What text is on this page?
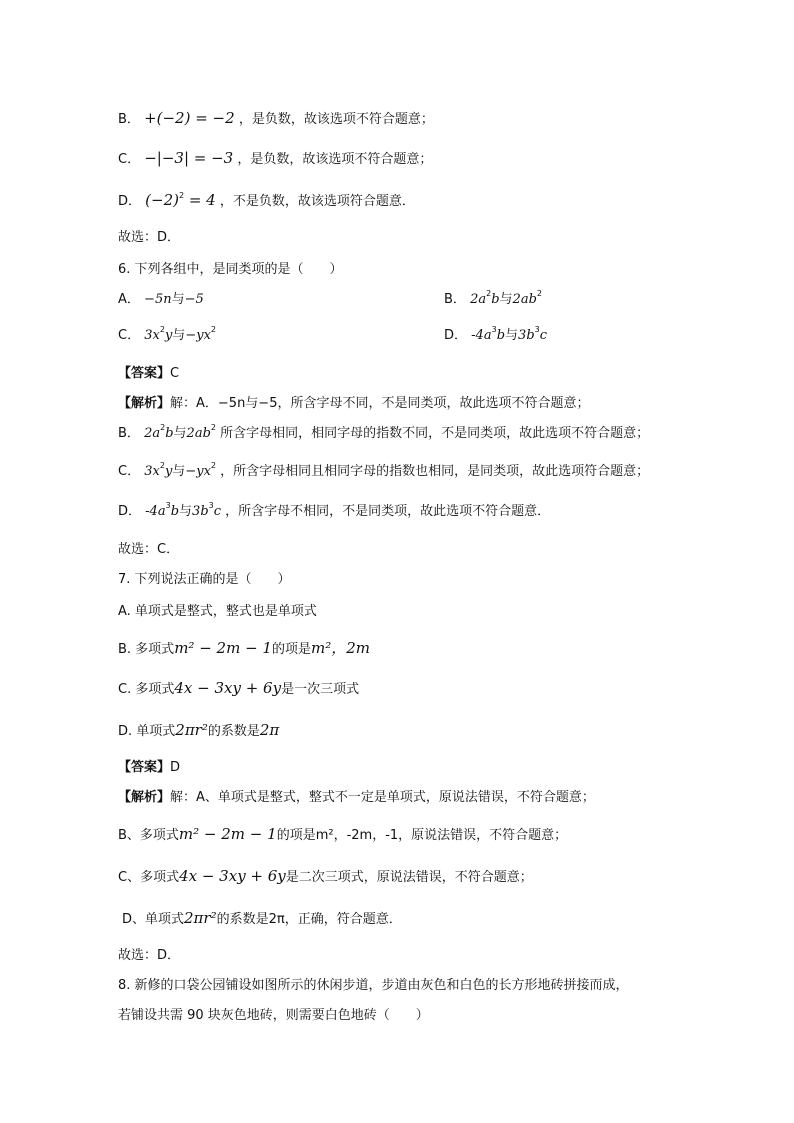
B． +(−2) = −2 ，是负数，故该选项不符合题意；
C． −|−3| = −3 ，是负数，故该选项不符合题意；
D． $(-2)^2 = 4$ ，不是负数，故该选项符合题意．
故选：D．
6. 下列各组中，是同类项的是（　　）
A． −5n与−5	B． $2a^2b$与$2ab^2$
C． $3x^2y$与$-yx^2$	D． $-4a^3b$与$3b^3c$
【答案】C
【解析】解：A．−5n与−5，所含字母不同，不是同类项，故此选项不符合题意；
B． $2a^2b$与$2ab^2$ 所含字母相同，相同字母的指数不同，不是同类项，故此选项不符合题意；
C． $3x^2y$与$-yx^2$ ，所含字母相同且相同字母的指数也相同，是同类项，故此选项符合题意；
D． $-4a^3b$与$3b^3c$ ，所含字母不相同，不是同类项，故此选项不符合题意．
故选：C．
7. 下列说法正确的是（　　）
A. 单项式是整式，整式也是单项式
B. 多项式m² − 2m − 1的项是m²，2m
C. 多项式4x − 3xy + 6y是一次三项式
D. 单项式2πr²的系数是2π
【答案】D
【解析】解：A、单项式是整式，整式不一定是单项式，原说法错误，不符合题意；
B、多项式m² − 2m − 1的项是m²，-2m，-1，原说法错误，不符合题意；
C、多项式4x − 3xy + 6y是二次三项式，原说法错误，不符合题意；
D、单项式2πr²的系数是2π，正确，符合题意．
故选：D．
8. 新修的口袋公园铺设如图所示的休闲步道，步道由灰色和白色的长方形地砖拼接而成，
若铺设共需 90 块灰色地砖，则需要白色地砖（　　）
